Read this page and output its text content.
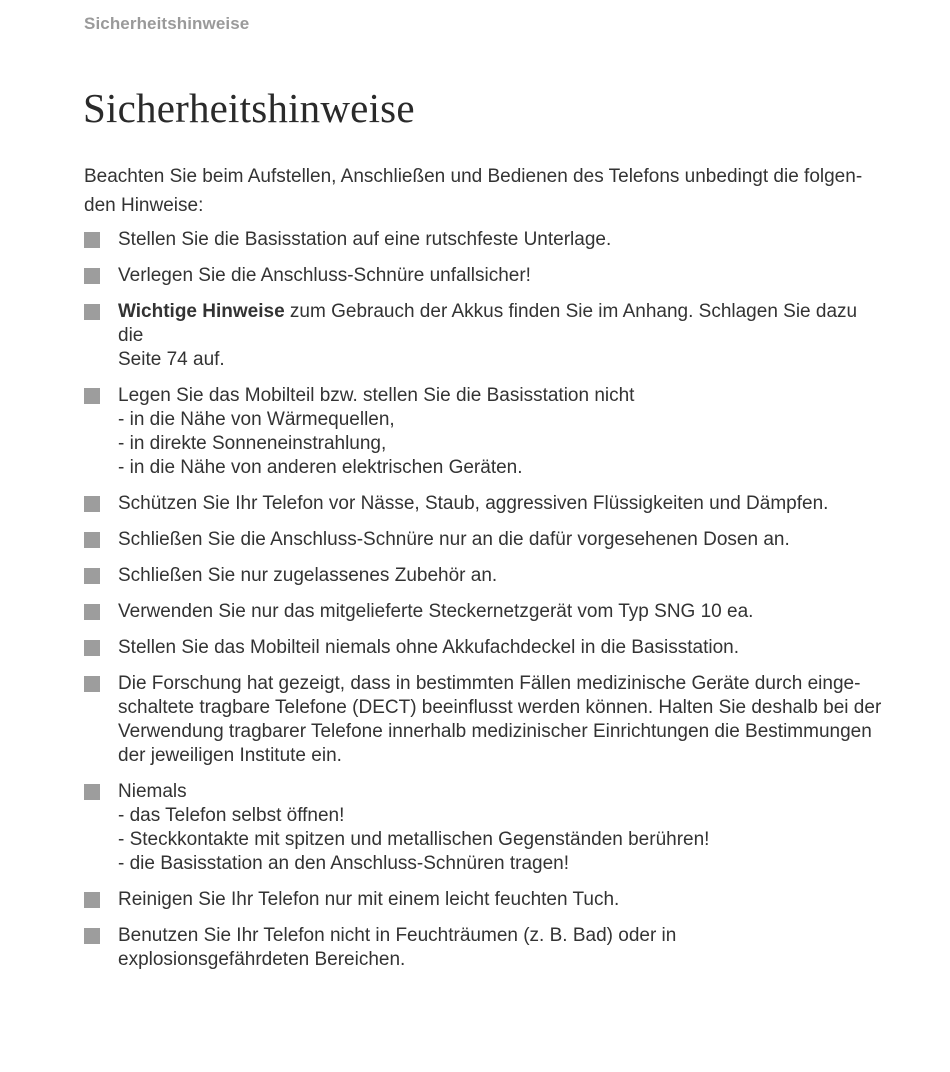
Sicherheitshinweise
Sicherheitshinweise

Beachten Sie beim Aufstellen, Anschließen und Bedienen des Telefons unbedingt die folgen-
den Hinweise:

Stellen Sie die Basisstation auf eine rutschfeste Unterlage.
Verlegen Sie die Anschluss-Schnüre unfallsicher!
Wichtige Hinweise zum Gebrauch der Akkus finden Sie im Anhang. Schlagen Sie dazu die
Seite 74 auf.
Legen Sie das Mobilteil bzw. stellen Sie die Basisstation nicht
- in die Nähe von Wärmequellen,
- in direkte Sonneneinstrahlung,
- in die Nähe von anderen elektrischen Geräten.
Schützen Sie Ihr Telefon vor Nässe, Staub, aggressiven Flüssigkeiten und Dämpfen.
Schließen Sie die Anschluss-Schnüre nur an die dafür vorgesehenen Dosen an.
Schließen Sie nur zugelassenes Zubehör an.
Verwenden Sie nur das mitgelieferte Steckernetzgerät vom Typ SNG 10 ea.
Stellen Sie das Mobilteil niemals ohne Akkufachdeckel in die Basisstation.
Die Forschung hat gezeigt, dass in bestimmten Fällen medizinische Geräte durch einge-
schaltete tragbare Telefone (DECT) beeinflusst werden können. Halten Sie deshalb bei der
Verwendung tragbarer Telefone innerhalb medizinischer Einrichtungen die Bestimmungen
der jeweiligen Institute ein.
Niemals
- das Telefon selbst öffnen!
- Steckkontakte mit spitzen und metallischen Gegenständen berühren!
- die Basisstation an den Anschluss-Schnüren tragen!
Reinigen Sie Ihr Telefon nur mit einem leicht feuchten Tuch.
Benutzen Sie Ihr Telefon nicht in Feuchträumen (z. B. Bad) oder in
explosionsgefährdeten Bereichen.
